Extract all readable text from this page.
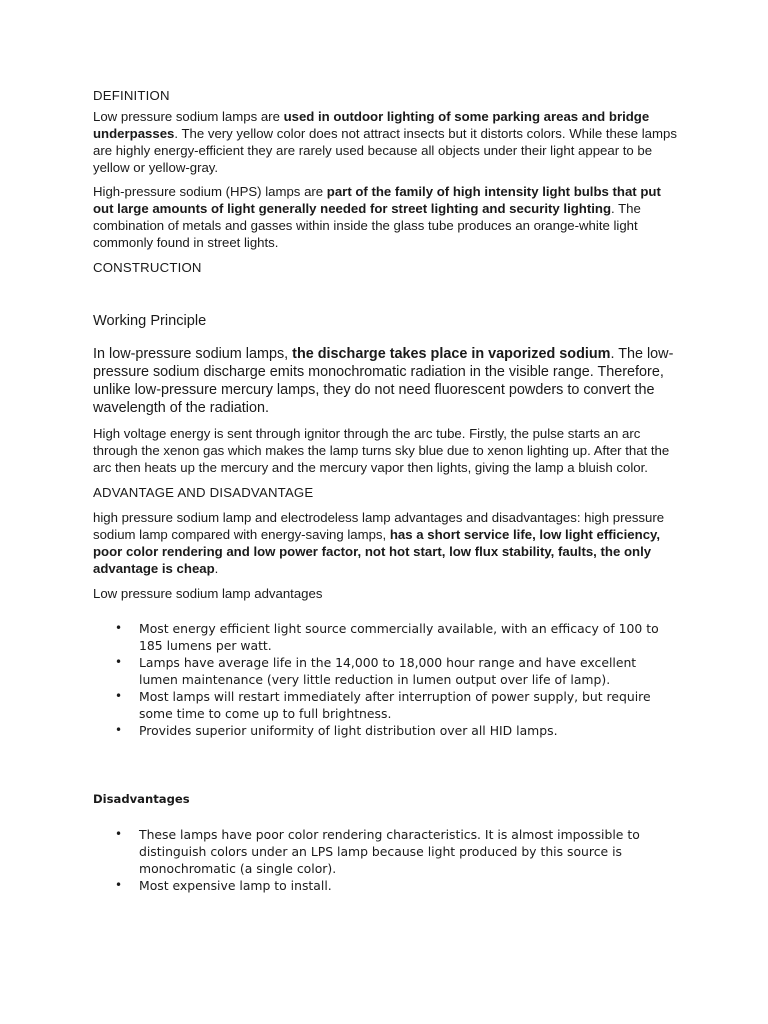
DEFINITION

Low pressure sodium lamps are used in outdoor lighting of some parking areas and bridge underpasses. The very yellow color does not attract insects but it distorts colors. While these lamps are highly energy-efficient they are rarely used because all objects under their light appear to be yellow or yellow-gray.

High-pressure sodium (HPS) lamps are part of the family of high intensity light bulbs that put out large amounts of light generally needed for street lighting and security lighting. The combination of metals and gasses within inside the glass tube produces an orange-white light commonly found in street lights.

CONSTRUCTION

Working Principle

In low-pressure sodium lamps, the discharge takes place in vaporized sodium. The low-pressure sodium discharge emits monochromatic radiation in the visible range. Therefore, unlike low-pressure mercury lamps, they do not need fluorescent powders to convert the wavelength of the radiation.

High voltage energy is sent through ignitor through the arc tube. Firstly, the pulse starts an arc through the xenon gas which makes the lamp turns sky blue due to xenon lighting up. After that the arc then heats up the mercury and the mercury vapor then lights, giving the lamp a bluish color.

ADVANTAGE AND DISADVANTAGE

high pressure sodium lamp and electrodeless lamp advantages and disadvantages: high pressure sodium lamp compared with energy-saving lamps, has a short service life, low light efficiency, poor color rendering and low power factor, not hot start, low flux stability, faults, the only advantage is cheap.

Low pressure sodium lamp advantages

• Most energy efficient light source commercially available, with an efficacy of 100 to 185 lumens per watt.
• Lamps have average life in the 14,000 to 18,000 hour range and have excellent lumen maintenance (very little reduction in lumen output over life of lamp).
• Most lamps will restart immediately after interruption of power supply, but require some time to come up to full brightness.
• Provides superior uniformity of light distribution over all HID lamps.

Disadvantages

• These lamps have poor color rendering characteristics. It is almost impossible to distinguish colors under an LPS lamp because light produced by this source is monochromatic (a single color).
• Most expensive lamp to install.
